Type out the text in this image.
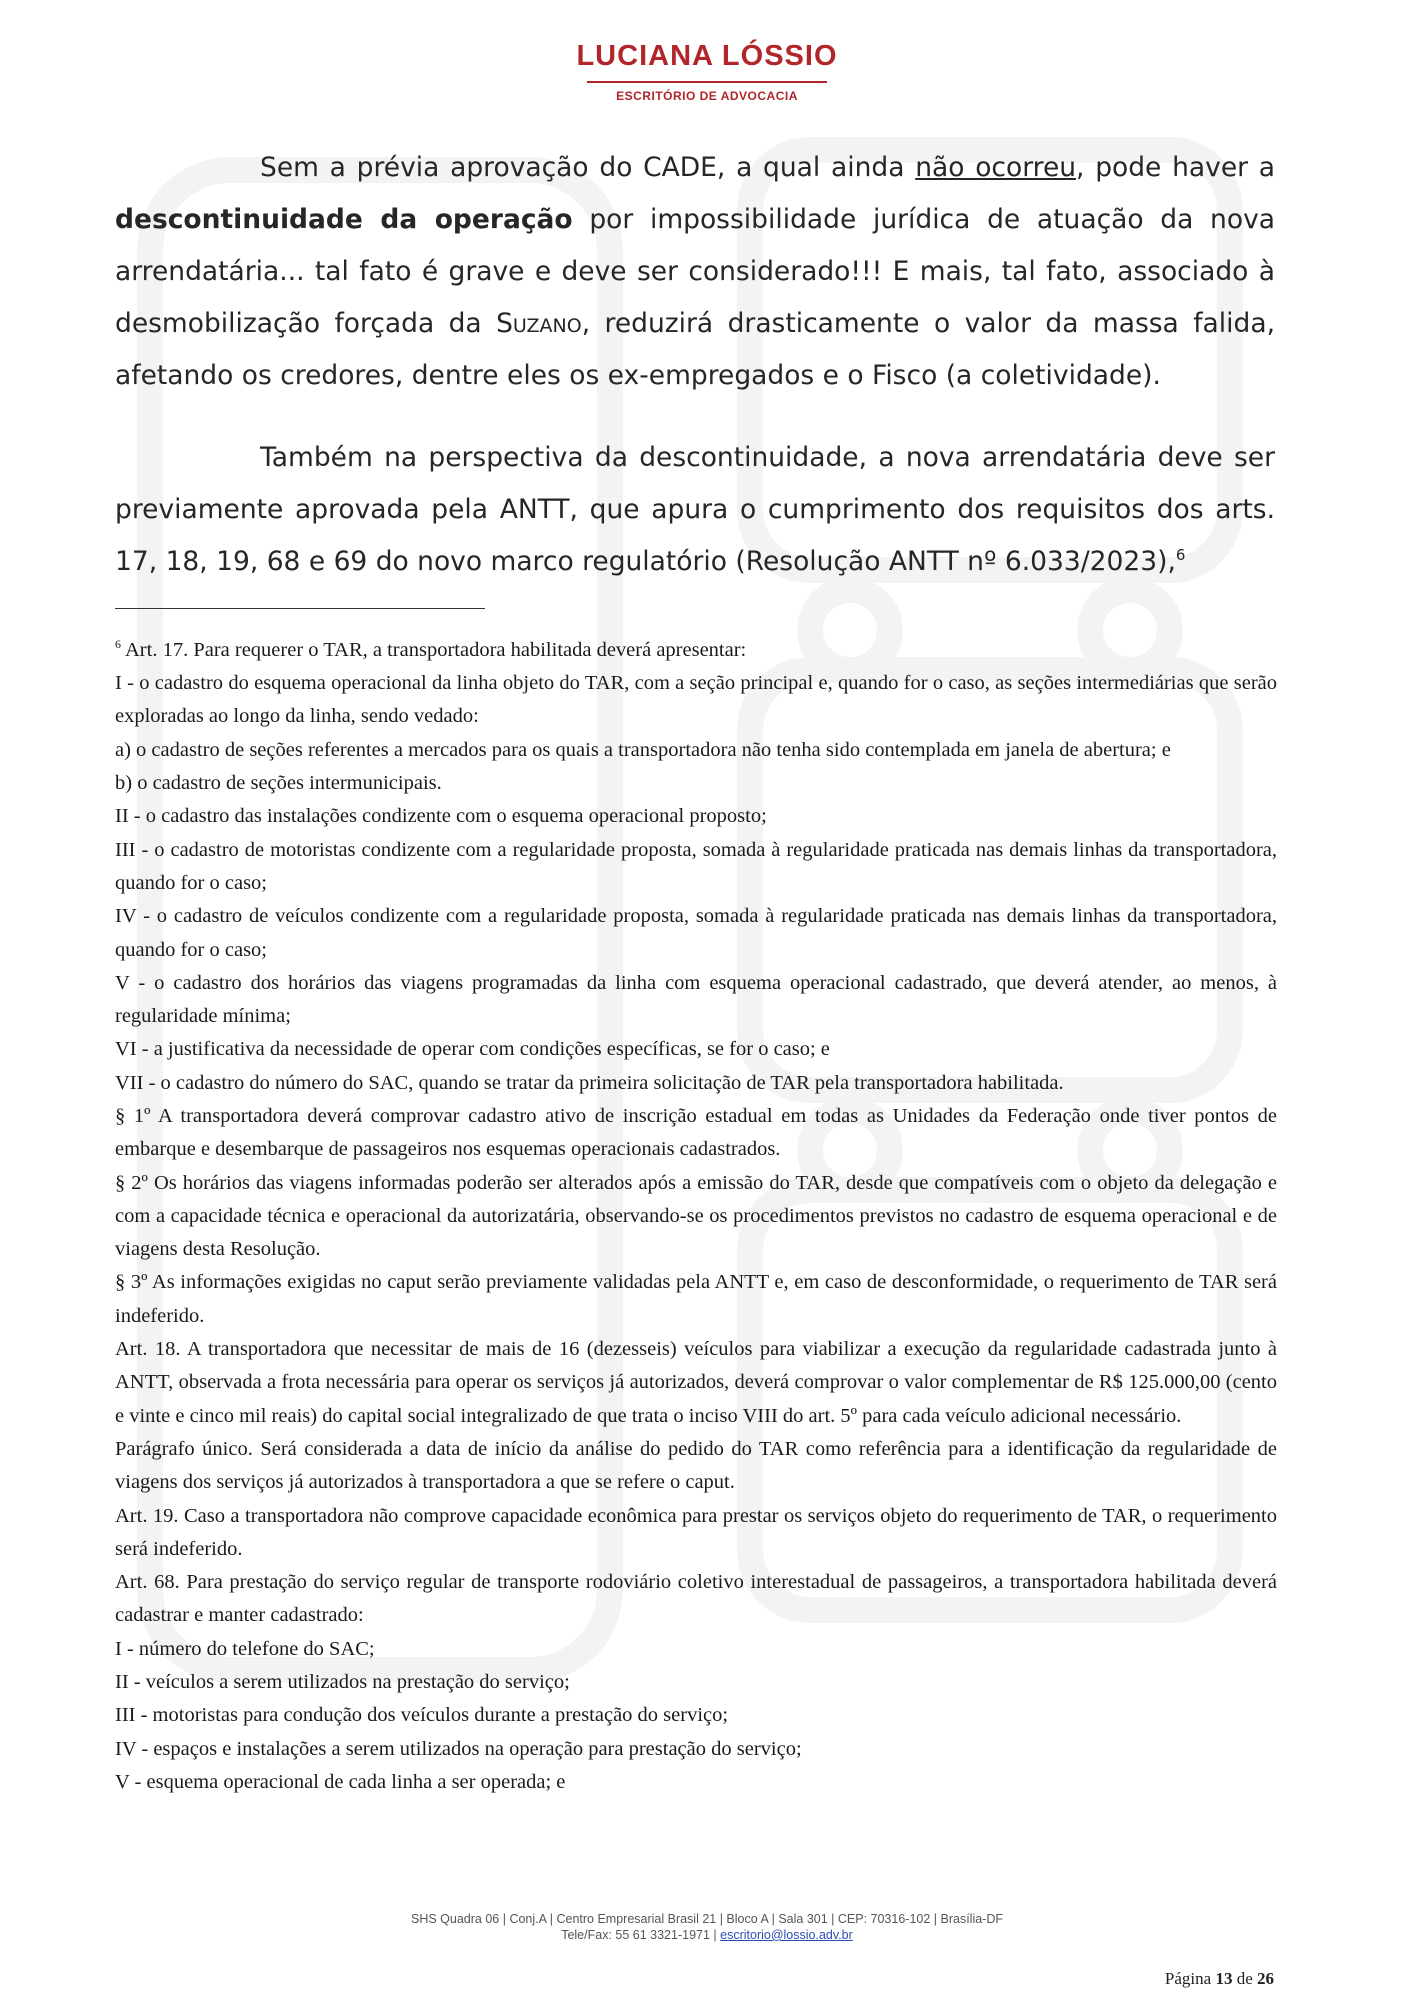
LUCIANA LÓSSIO
ESCRITÓRIO DE ADVOCACIA

Sem a prévia aprovação do CADE, a qual ainda não ocorreu, pode haver a descontinuidade da operação por impossibilidade jurídica de atuação da nova arrendatária... tal fato é grave e deve ser considerado!!! E mais, tal fato, associado à desmobilização forçada da Suzano, reduzirá drasticamente o valor da massa falida, afetando os credores, dentre eles os ex-empregados e o Fisco (a coletividade).

Também na perspectiva da descontinuidade, a nova arrendatária deve ser previamente aprovada pela ANTT, que apura o cumprimento dos requisitos dos arts. 17, 18, 19, 68 e 69 do novo marco regulatório (Resolução ANTT nº 6.033/2023),$^6$

$^6$ Art. 17. Para requerer o TAR, a transportadora habilitada deverá apresentar:

I - o cadastro do esquema operacional da linha objeto do TAR, com a seção principal e, quando for o caso, as seções intermediárias que serão exploradas ao longo da linha, sendo vedado:

a) o cadastro de seções referentes a mercados para os quais a transportadora não tenha sido contemplada em janela de abertura; e

b) o cadastro de seções intermunicipais.

II - o cadastro das instalações condizente com o esquema operacional proposto;

III - o cadastro de motoristas condizente com a regularidade proposta, somada à regularidade praticada nas demais linhas da transportadora, quando for o caso;

IV - o cadastro de veículos condizente com a regularidade proposta, somada à regularidade praticada nas demais linhas da transportadora, quando for o caso;

V - o cadastro dos horários das viagens programadas da linha com esquema operacional cadastrado, que deverá atender, ao menos, à regularidade mínima;

VI - a justificativa da necessidade de operar com condições específicas, se for o caso; e

VII - o cadastro do número do SAC, quando se tratar da primeira solicitação de TAR pela transportadora habilitada.

§ 1º A transportadora deverá comprovar cadastro ativo de inscrição estadual em todas as Unidades da Federação onde tiver pontos de embarque e desembarque de passageiros nos esquemas operacionais cadastrados.

§ 2º Os horários das viagens informadas poderão ser alterados após a emissão do TAR, desde que compatíveis com o objeto da delegação e com a capacidade técnica e operacional da autorizatária, observando-se os procedimentos previstos no cadastro de esquema operacional e de viagens desta Resolução.

§ 3º As informações exigidas no caput serão previamente validadas pela ANTT e, em caso de desconformidade, o requerimento de TAR será indeferido.

Art. 18. A transportadora que necessitar de mais de 16 (dezesseis) veículos para viabilizar a execução da regularidade cadastrada junto à ANTT, observada a frota necessária para operar os serviços já autorizados, deverá comprovar o valor complementar de R$ 125.000,00 (cento e vinte e cinco mil reais) do capital social integralizado de que trata o inciso VIII do art. 5º para cada veículo adicional necessário.

Parágrafo único. Será considerada a data de início da análise do pedido do TAR como referência para a identificação da regularidade de viagens dos serviços já autorizados à transportadora a que se refere o caput.

Art. 19. Caso a transportadora não comprove capacidade econômica para prestar os serviços objeto do requerimento de TAR, o requerimento será indeferido.

Art. 68. Para prestação do serviço regular de transporte rodoviário coletivo interestadual de passageiros, a transportadora habilitada deverá cadastrar e manter cadastrado:

I - número do telefone do SAC;

II - veículos a serem utilizados na prestação do serviço;

III - motoristas para condução dos veículos durante a prestação do serviço;

IV - espaços e instalações a serem utilizados na operação para prestação do serviço;

V - esquema operacional de cada linha a ser operada; e

SHS Quadra 06 | Conj.A | Centro Empresarial Brasil 21 | Bloco A | Sala 301 | CEP: 70316-102 | Brasília-DF
Tele/Fax: 55 61 3321-1971 | escritorio@lossio.adv.br
Página 13 de 26
